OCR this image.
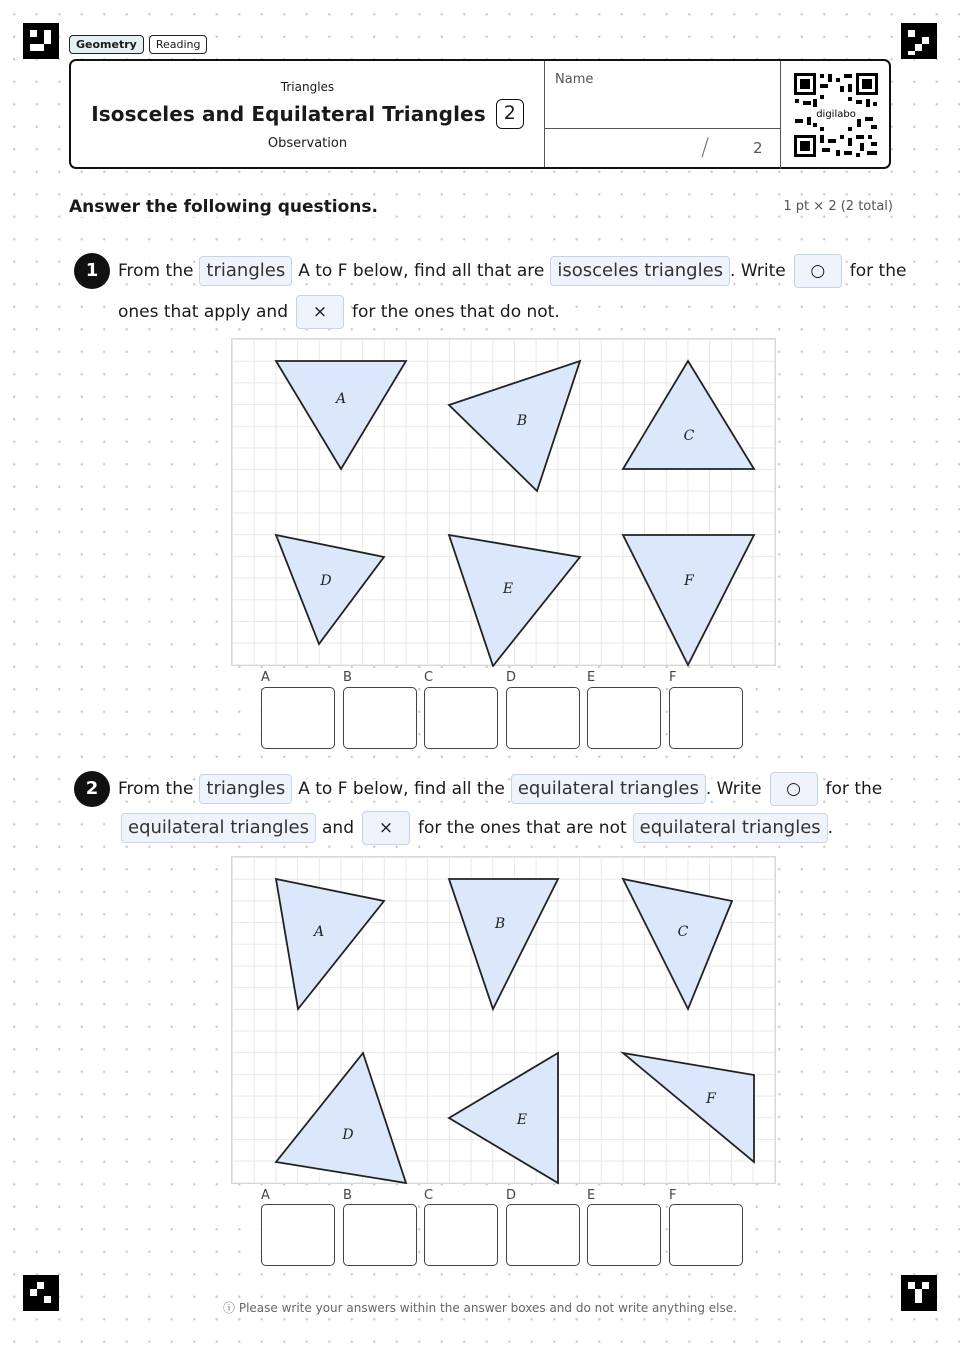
Geometry	Reading
Triangles
Isosceles and Equilateral Triangles 2
Observation
Name
/	2
digilabo
Answer the following questions.	1 pt × 2 (2 total)
1	From the triangles A to F below, find all that are isosceles triangles . Write	○	for the
ones that apply and	×	for the ones that do not.
A
B
C
D	E	F
A	B	C	D	E	F
2	From the triangles A to F below, find all the equilateral triangles . Write	○	for the
equilateral triangles and	×	for the ones that are not equilateral triangles .
A	B	C
D
E
F
A	B	C	D	E	F
ⓘ Please write your answers within the answer boxes and do not write anything else.
